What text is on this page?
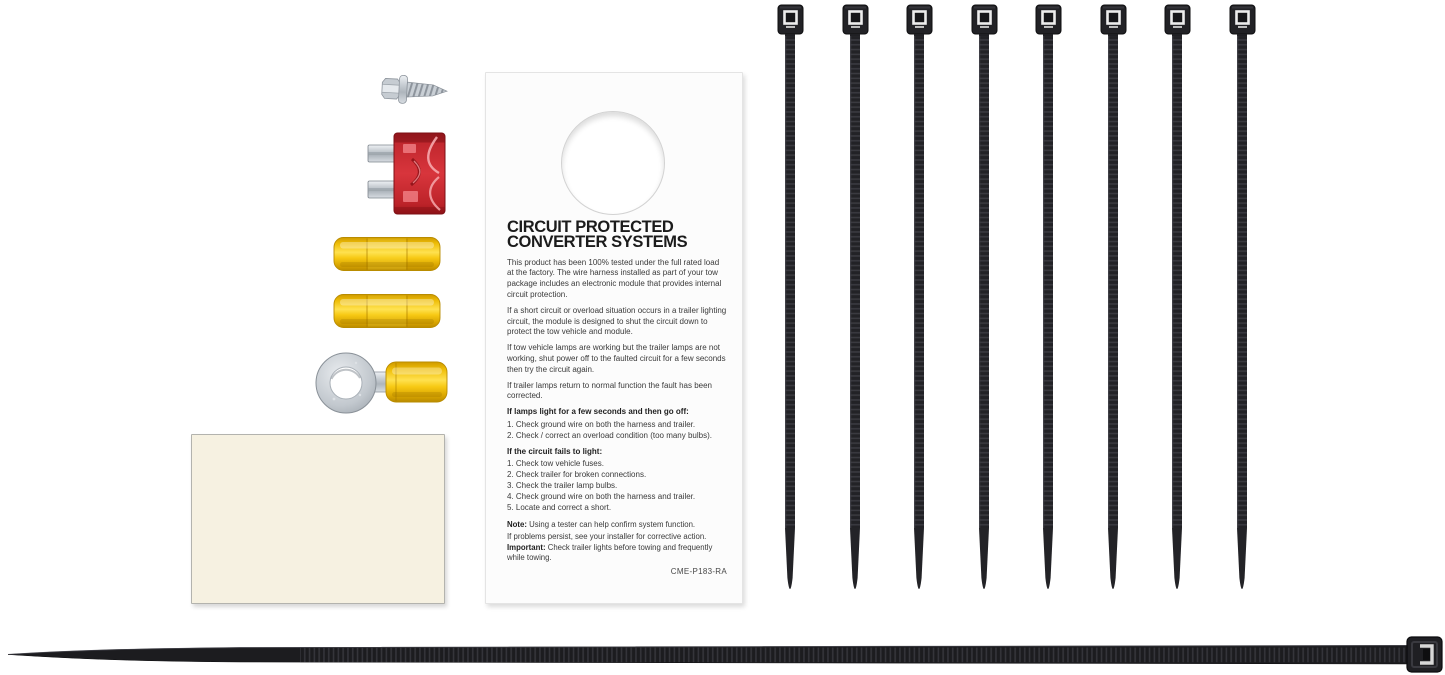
CIRCUIT PROTECTED
CONVERTER SYSTEMS

This product has been 100% tested under the full rated load at the factory. The wire harness installed as part of your tow package includes an electronic module that provides internal circuit protection.

If a short circuit or overload situation occurs in a trailer lighting circuit, the module is designed to shut the circuit down to protect the tow vehicle and module.

If tow vehicle lamps are working but the trailer lamps are not working, shut power off to the faulted circuit for a few seconds then try the circuit again.

If trailer lamps return to normal function the fault has been corrected.

If lamps light for a few seconds and then go off:
1. Check ground wire on both the harness and trailer.
2. Check / correct an overload condition (too many bulbs).
If the circuit fails to light:
1. Check tow vehicle fuses.
2. Check trailer for broken connections.
3. Check the trailer lamp bulbs.
4. Check ground wire on both the harness and trailer.
5. Locate and correct a short.

Note: Using a tester can help confirm system function.

If problems persist, see your installer for corrective action.

Important: Check trailer lights before towing and frequently while towing.

CME-P183-RA
